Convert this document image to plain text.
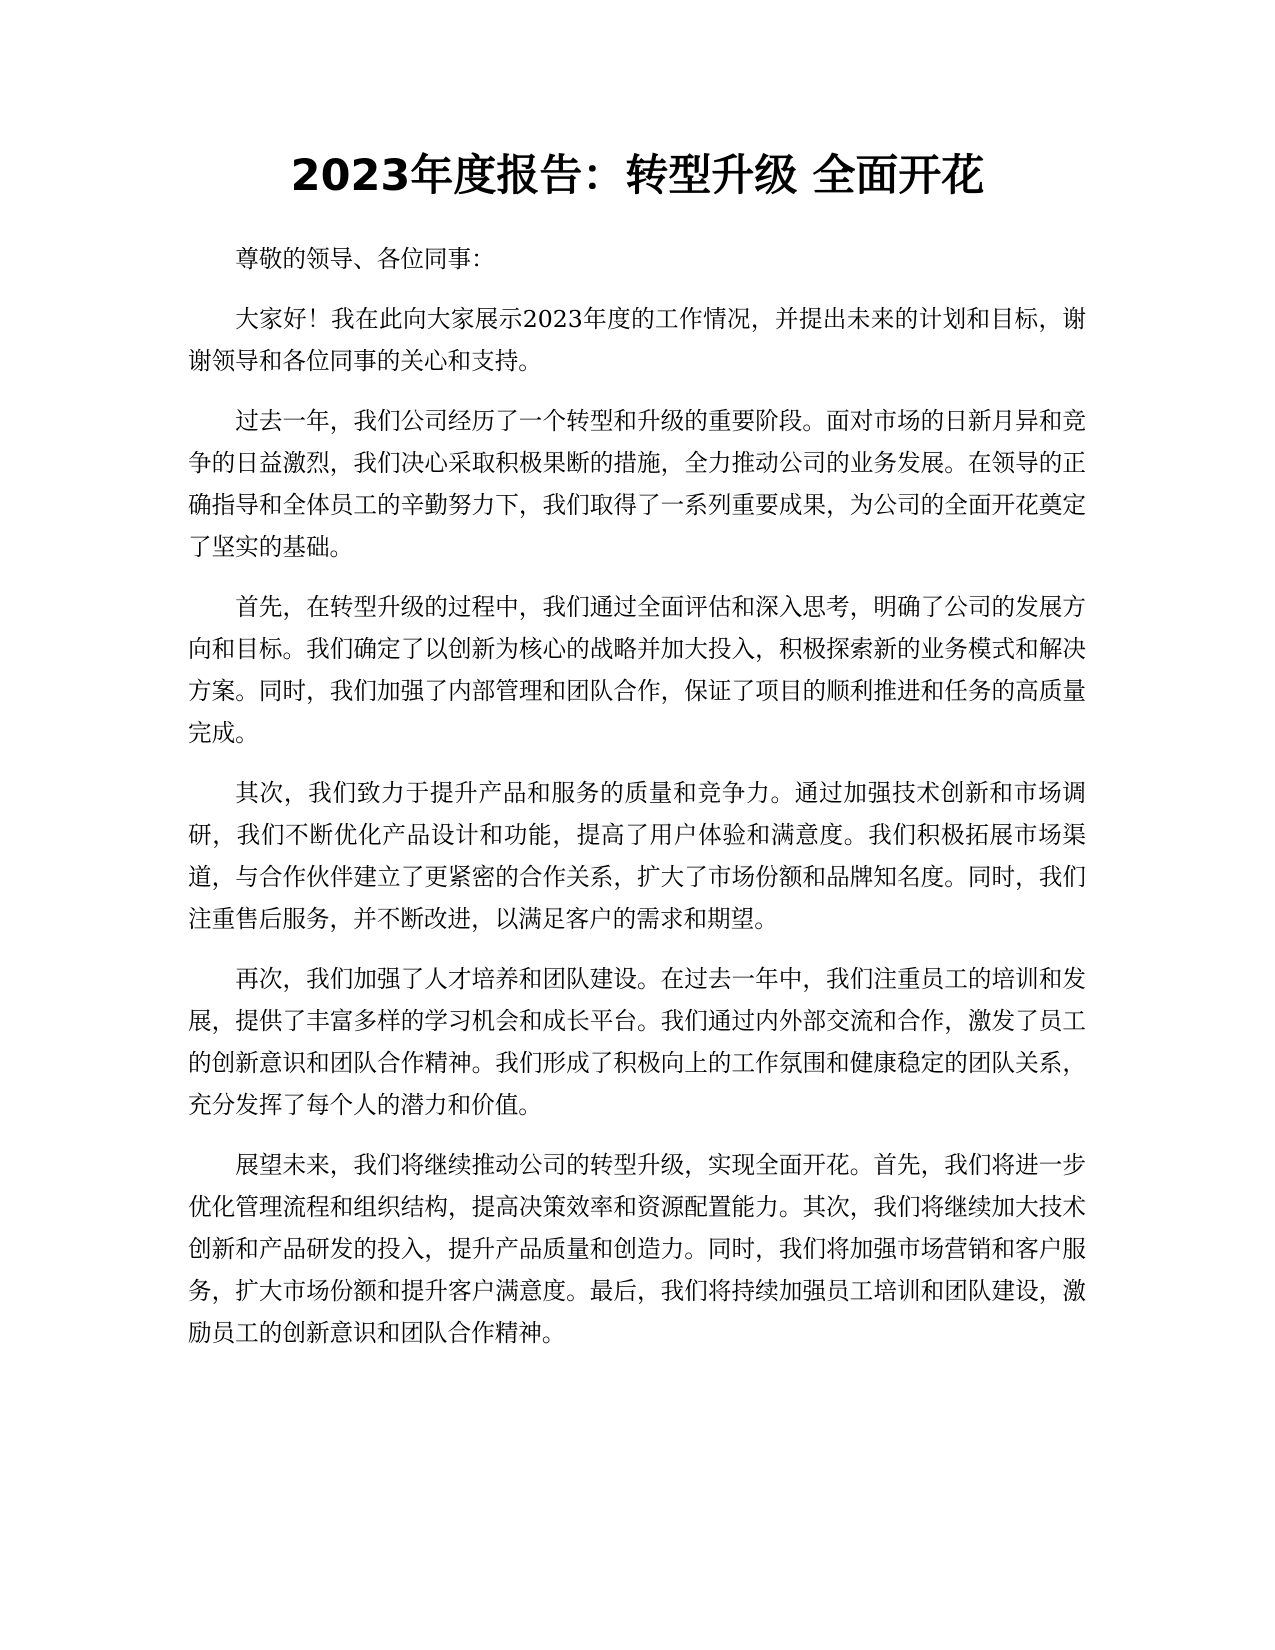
2023年度报告：转型升级 全面开花

尊敬的领导、各位同事：

大家好！我在此向大家展示2023年度的工作情况，并提出未来的计划和目标，谢谢领导和各位同事的关心和支持。

过去一年，我们公司经历了一个转型和升级的重要阶段。面对市场的日新月异和竞争的日益激烈，我们决心采取积极果断的措施，全力推动公司的业务发展。在领导的正确指导和全体员工的辛勤努力下，我们取得了一系列重要成果，为公司的全面开花奠定了坚实的基础。

首先，在转型升级的过程中，我们通过全面评估和深入思考，明确了公司的发展方向和目标。我们确定了以创新为核心的战略并加大投入，积极探索新的业务模式和解决方案。同时，我们加强了内部管理和团队合作，保证了项目的顺利推进和任务的高质量完成。

其次，我们致力于提升产品和服务的质量和竞争力。通过加强技术创新和市场调研，我们不断优化产品设计和功能，提高了用户体验和满意度。我们积极拓展市场渠道，与合作伙伴建立了更紧密的合作关系，扩大了市场份额和品牌知名度。同时，我们注重售后服务，并不断改进，以满足客户的需求和期望。

再次，我们加强了人才培养和团队建设。在过去一年中，我们注重员工的培训和发展，提供了丰富多样的学习机会和成长平台。我们通过内外部交流和合作，激发了员工的创新意识和团队合作精神。我们形成了积极向上的工作氛围和健康稳定的团队关系，充分发挥了每个人的潜力和价值。

展望未来，我们将继续推动公司的转型升级，实现全面开花。首先，我们将进一步优化管理流程和组织结构，提高决策效率和资源配置能力。其次，我们将继续加大技术创新和产品研发的投入，提升产品质量和创造力。同时，我们将加强市场营销和客户服务，扩大市场份额和提升客户满意度。最后，我们将持续加强员工培训和团队建设，激励员工的创新意识和团队合作精神。
